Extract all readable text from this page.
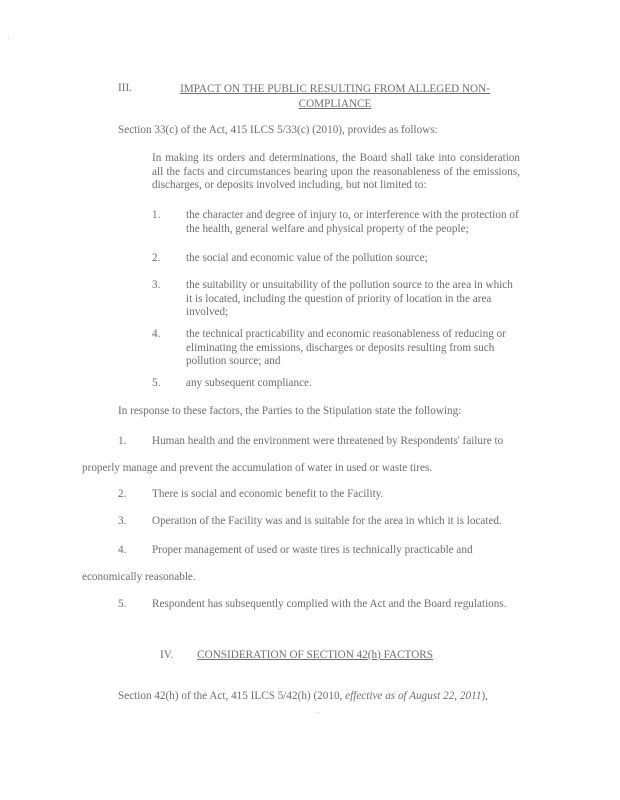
III.	IMPACT ON THE PUBLIC RESULTING FROM ALLEGED NON-COMPLIANCE
Section 33(c) of the Act, 415 ILCS 5/33(c) (2010), provides as follows:
In making its orders and determinations, the Board shall take into consideration all the facts and circumstances bearing upon the reasonableness of the emissions, discharges, or deposits involved including, but not limited to:
1. the character and degree of injury to, or interference with the protection of the health, general welfare and physical property of the people;
2. the social and economic value of the pollution source;
3. the suitability or unsuitability of the pollution source to the area in which it is located, including the question of priority of location in the area involved;
4. the technical practicability and economic reasonableness of reducing or eliminating the emissions, discharges or deposits resulting from such pollution source; and
5. any subsequent compliance.
In response to these factors, the Parties to the Stipulation state the following:
1. Human health and the environment were threatened by Respondents' failure to
properly manage and prevent the accumulation of water in used or waste tires.
2. There is social and economic benefit to the Facility.
3. Operation of the Facility was and is suitable for the area in which it is located.
4. Proper management of used or waste tires is technically practicable and
economically reasonable.
5. Respondent has subsequently complied with the Act and the Board regulations.
IV. CONSIDERATION OF SECTION 42(h) FACTORS
Section 42(h) of the Act, 415 ILCS 5/42(h) (2010, effective as of August 22, 2011),
